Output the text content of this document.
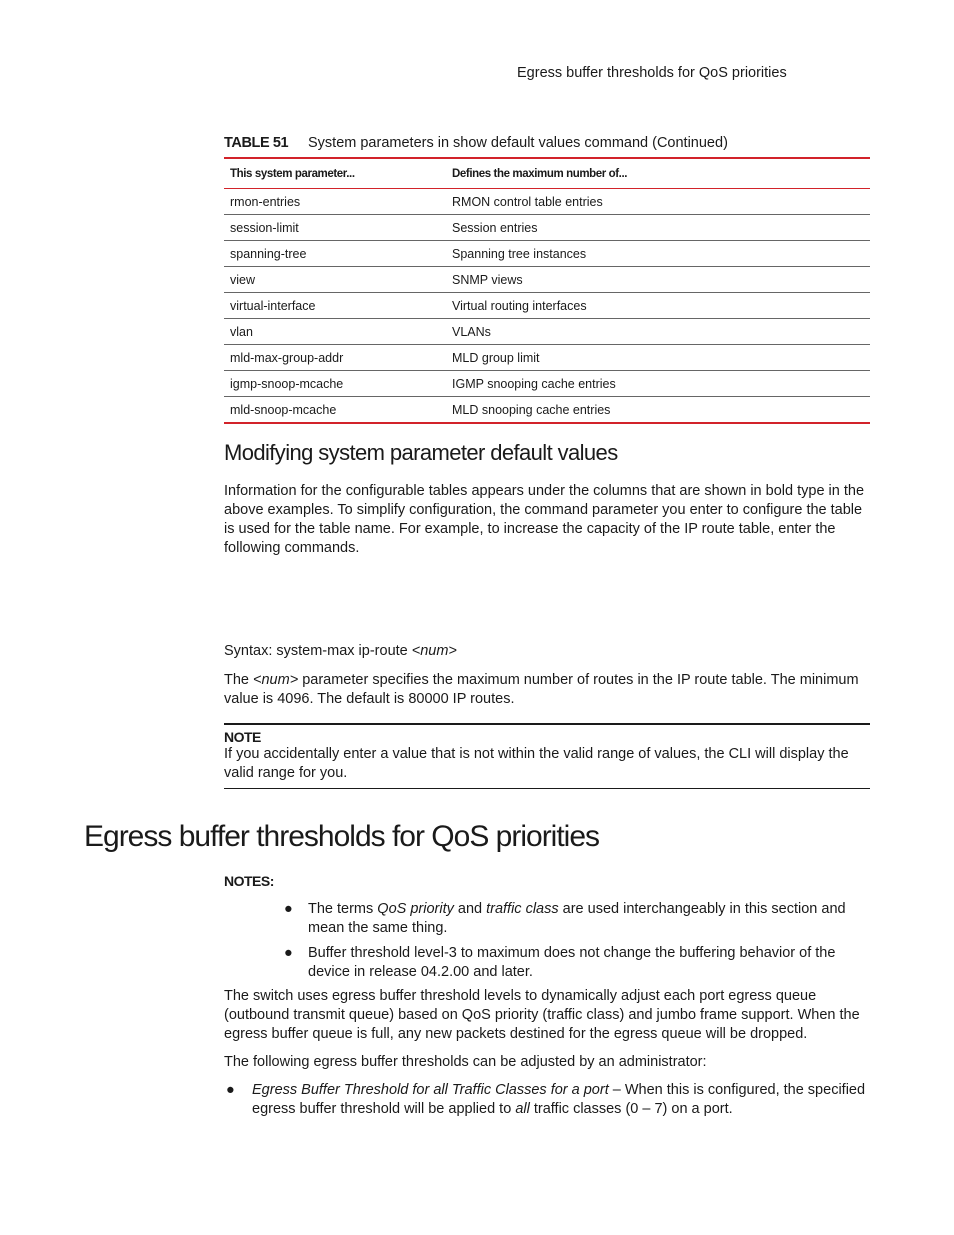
Egress buffer thresholds for QoS priorities
TABLE 51 System parameters in show default values command (Continued)
This system parameter...	Defines the maximum number of...
rmon-entries	RMON control table entries
session-limit	Session entries
spanning-tree	Spanning tree instances
view	SNMP views
virtual-interface	Virtual routing interfaces
vlan	VLANs
mld-max-group-addr	MLD group limit
igmp-snoop-mcache	IGMP snooping cache entries
mld-snoop-mcache	MLD snooping cache entries
Modifying system parameter default values

Information for the configurable tables appears under the columns that are shown in bold type in the above examples. To simplify configuration, the command parameter you enter to configure the table is used for the table name. For example, to increase the capacity of the IP route table, enter the following commands.

Syntax: system-max ip-route <num>

The <num> parameter specifies the maximum number of routes in the IP route table. The minimum value is 4096. The default is 80000 IP routes.

NOTE
If you accidentally enter a value that is not within the valid range of values, the CLI will display the valid range for you.
Egress buffer thresholds for QoS priorities
NOTES:
● The terms QoS priority and traffic class are used interchangeably in this section and mean the same thing.
● Buffer threshold level-3 to maximum does not change the buffering behavior of the device in release 04.2.00 and later.

The switch uses egress buffer threshold levels to dynamically adjust each port egress queue (outbound transmit queue) based on QoS priority (traffic class) and jumbo frame support. When the egress buffer queue is full, any new packets destined for the egress queue will be dropped.

The following egress buffer thresholds can be adjusted by an administrator:

● Egress Buffer Threshold for all Traffic Classes for a port – When this is configured, the specified egress buffer threshold will be applied to all traffic classes (0 – 7) on a port.
